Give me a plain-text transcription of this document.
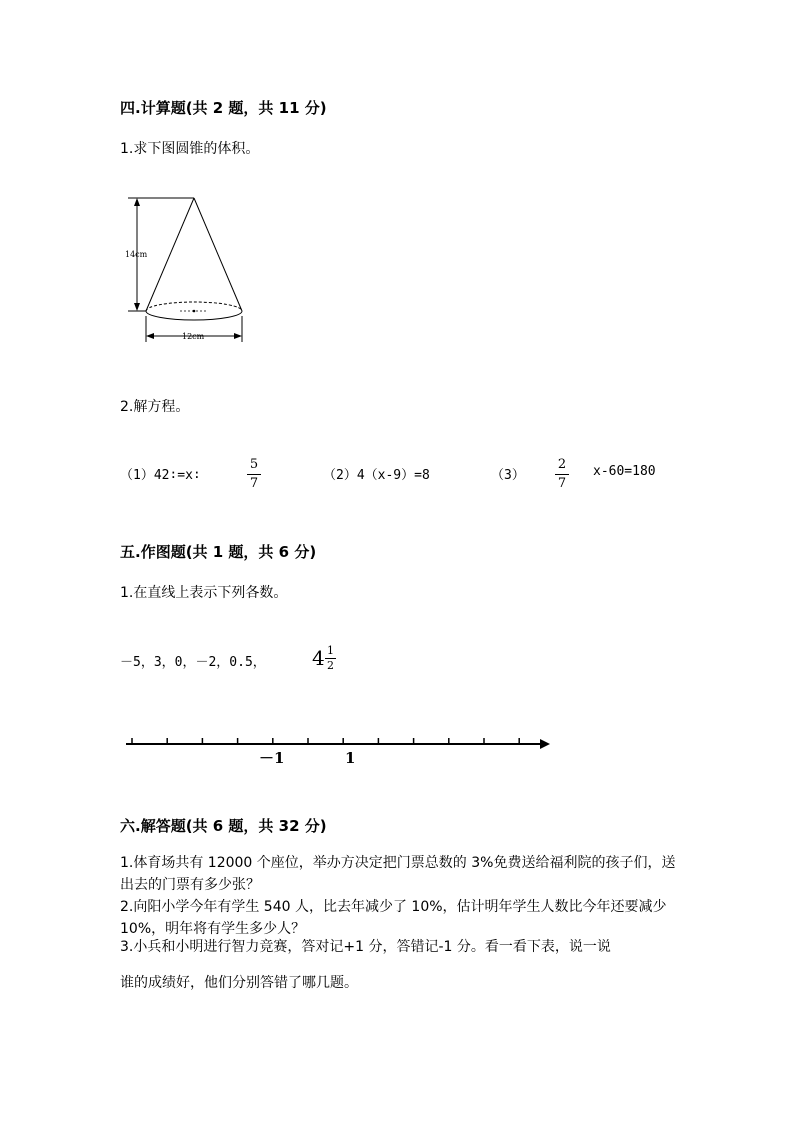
四.计算题(共 2 题，共 11 分)
1.求下图圆锥的体积。
14cm
12cm
2.解方程。
（1）42∶=x∶
5
7
（2）4（x-9）=8	（3）
2
7
x-60=180
五.作图题(共 1 题，共 6 分)
1.在直线上表示下列各数。
－5，3，0，－2，0.5， 4 1
2
－1	1
六.解答题(共 6 题，共 32 分)
1.体育场共有 12000 个座位，举办方决定把门票总数的 3%免费送给福利院的孩子们，送出去的门票有多少张？
2.向阳小学今年有学生 540 人，比去年减少了 10%，估计明年学生人数比今年还要减少 10%，明年将有学生多少人？
3.小兵和小明进行智力竞赛，答对记+1 分，答错记-1 分。看一看下表，说一说
谁的成绩好，他们分别答错了哪几题。
